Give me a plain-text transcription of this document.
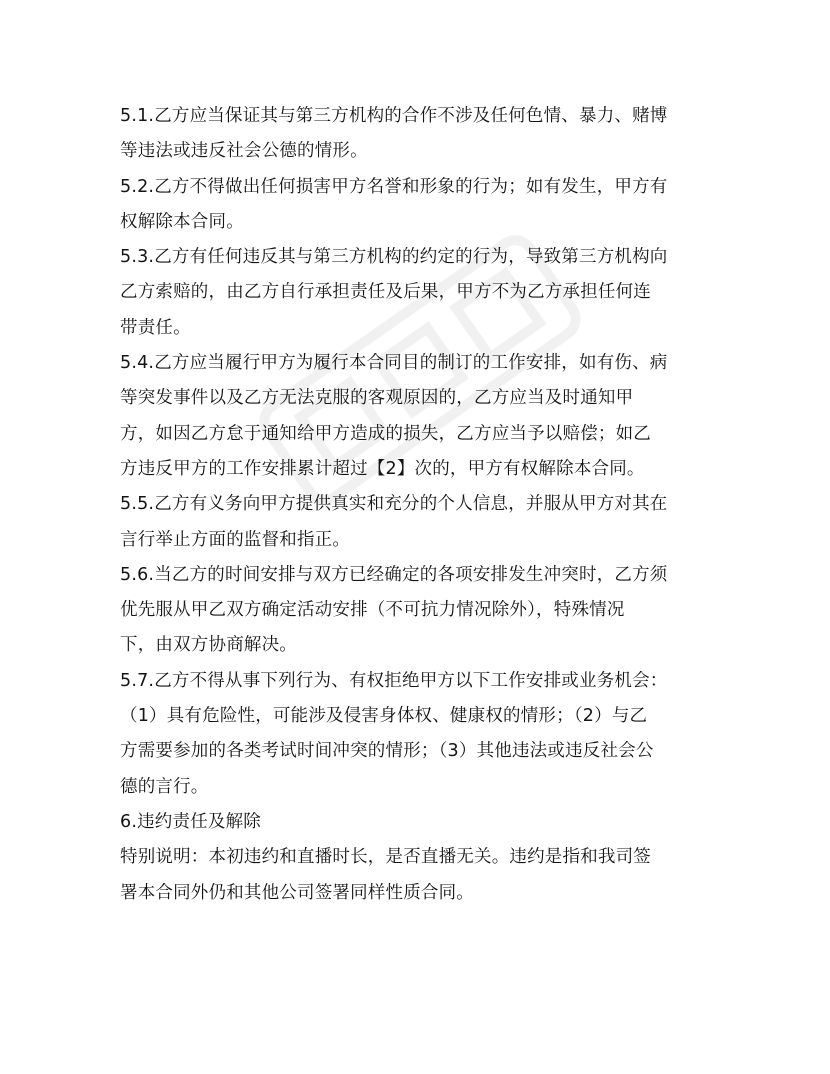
5.1.乙方应当保证其与第三方机构的合作不涉及任何色情、暴力、赌博
等违法或违反社会公德的情形。
5.2.乙方不得做出任何损害甲方名誉和形象的行为；如有发生，甲方有
权解除本合同。
5.3.乙方有任何违反其与第三方机构的约定的行为，导致第三方机构向
乙方索赔的，由乙方自行承担责任及后果，甲方不为乙方承担任何连
带责任。
5.4.乙方应当履行甲方为履行本合同目的制订的工作安排，如有伤、病
等突发事件以及乙方无法克服的客观原因的，乙方应当及时通知甲
方，如因乙方怠于通知给甲方造成的损失，乙方应当予以赔偿；如乙
方违反甲方的工作安排累计超过【2】次的，甲方有权解除本合同。
5.5.乙方有义务向甲方提供真实和充分的个人信息，并服从甲方对其在
言行举止方面的监督和指正。
5.6.当乙方的时间安排与双方已经确定的各项安排发生冲突时，乙方须
优先服从甲乙双方确定活动安排（不可抗力情况除外），特殊情况
下，由双方协商解决。
5.7.乙方不得从事下列行为、有权拒绝甲方以下工作安排或业务机会：
（1）具有危险性，可能涉及侵害身体权、健康权的情形；（2）与乙
方需要参加的各类考试时间冲突的情形；（3）其他违法或违反社会公
德的言行。
6.违约责任及解除
特别说明：本初违约和直播时长，是否直播无关。违约是指和我司签
署本合同外仍和其他公司签署同样性质合同。
